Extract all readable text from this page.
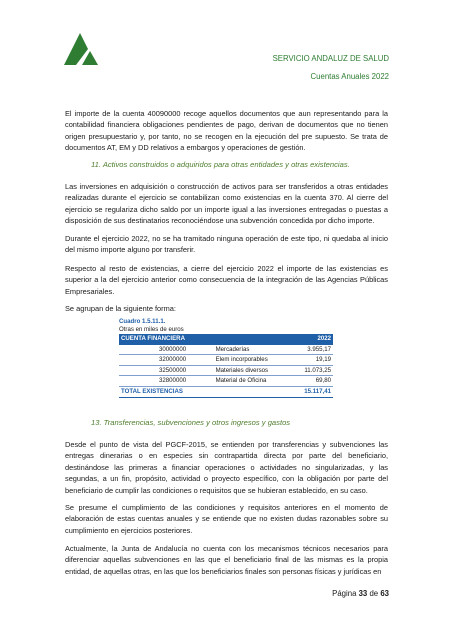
SERVICIO ANDALUZ DE SALUD
Cuentas Anuales 2022

El importe de la cuenta 40090000 recoge aquellos documentos que aun representando para la contabilidad financiera obligaciones pendientes de pago, derivan de documentos que no tienen origen presupuestario y, por tanto, no se recogen en la ejecución del pre supuesto. Se trata de documentos AT, EM y DD relativos a embargos y operaciones de gestión.

11. Activos construidos o adquiridos para otras entidades y otras existencias.

Las inversiones en adquisición o construcción de activos para ser transferidos a otras entidades realizadas durante el ejercicio se contabilizan como existencias en la cuenta 370. Al cierre del ejercicio se regulariza dicho saldo por un importe igual a las inversiones entregadas o puestas a disposición de sus destinatarios reconociéndose una subvención concedida por dicho importe.

Durante el ejercicio 2022, no se ha tramitado ninguna operación de este tipo, ni quedaba al inicio del mismo importe alguno por transferir.

Respecto al resto de existencias, a cierre del ejercicio 2022 el importe de las existencias es superior a la del ejercicio anterior como consecuencia de la integración de las Agencias Públicas Empresariales.

Se agrupan de la siguiente forma:

Cuadro 1.5.11.1.
Otras en miles de euros
CUENTA FINANCIERA		2022
30000000	Mercaderías	3.955,17
32000000	Elem incorporables	19,19
32500000	Materiales diversos	11.073,25
32800000	Material de Oficina	69,80
TOTAL EXISTENCIAS		15.117,41
13. Transferencias, subvenciones y otros ingresos y gastos

Desde el punto de vista del PGCF-2015, se entienden por transferencias y subvenciones las entregas dinerarias o en especies sin contrapartida directa por parte del beneficiario, destinándose las primeras a financiar operaciones o actividades no singularizadas, y las segundas, a un fin, propósito, actividad o proyecto específico, con la obligación por parte del beneficiario de cumplir las condiciones o requisitos que se hubieran establecido, en su caso.

Se presume el cumplimiento de las condiciones y requisitos anteriores en el momento de elaboración de estas cuentas anuales y se entiende que no existen dudas razonables sobre su cumplimiento en ejercicios posteriores.

Actualmente, la Junta de Andalucía no cuenta con los mecanismos técnicos necesarios para diferenciar aquellas subvenciones en las que el beneficiario final de las mismas es la propia entidad, de aquellas otras, en las que los beneficiarios finales son personas físicas y jurídicas en

Página 33 de 63
